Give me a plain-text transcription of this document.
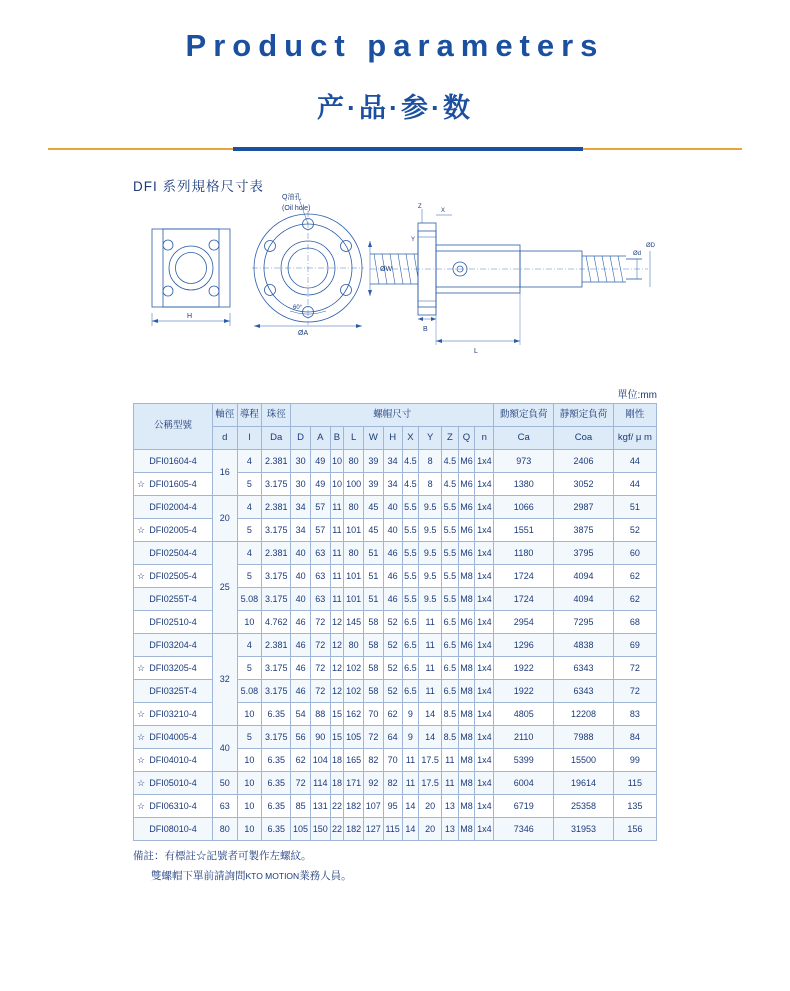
Product parameters
产·品·参·数
DFI 系列規格尺寸表
Q油孔
ØW
ØA
H
B
L
60°
Z
X
Y
Ød
ØD
(Oil hole)
單位:mm
公稱型號	軸徑	導程	珠徑	螺帽尺寸											動額定負荷	靜額定負荷	剛性
	d	l	Da	D	A	B	L	W	H	X	Y	Z	Q	n	Ca	Coa	kgf/ μ m
DFI01604-4	16	4	2.381	30	49	10	80	39	34	4.5	8	4.5	M6	1x4	973	2406	44

☆ DFI01605-4		5	3.175	30	49	10	100	39	34	4.5	8	4.5	M6	1x4	1380	3052	44
DFI02004-4	20	4	2.381	34	57	11	80	45	40	5.5	9.5	5.5	M6	1x4	1066	2987	51

☆ DFI02005-4		5	3.175	34	57	11	101	45	40	5.5	9.5	5.5	M6	1x4	1551	3875	52
DFI02504-4	25	4	2.381	40	63	11	80	51	46	5.5	9.5	5.5	M6	1x4	1180	3795	60

☆ DFI02505-4		5	3.175	40	63	11	101	51	46	5.5	9.5	5.5	M8	1x4	1724	4094	62
DFI0255T-4		5.08	3.175	40	63	11	101	51	46	5.5	9.5	5.5	M8	1x4	1724	4094	62
DFI02510-4		10	4.762	46	72	12	145	58	52	6.5	11	6.5	M6	1x4	2954	7295	68
DFI03204-4	32	4	2.381	46	72	12	80	58	52	6.5	11	6.5	M6	1x4	1296	4838	69

☆ DFI03205-4		5	3.175	46	72	12	102	58	52	6.5	11	6.5	M8	1x4	1922	6343	72
DFI0325T-4		5.08	3.175	46	72	12	102	58	52	6.5	11	6.5	M8	1x4	1922	6343	72

☆ DFI03210-4		10	6.35	54	88	15	162	70	62	9	14	8.5	M8	1x4	4805	12208	83

☆ DFI04005-4	40	5	3.175	56	90	15	105	72	64	9	14	8.5	M8	1x4	2110	7988	84

☆ DFI04010-4		10	6.35	62	104	18	165	82	70	11	17.5	11	M8	1x4	5399	15500	99

☆ DFI05010-4	50	10	6.35	72	114	18	171	92	82	11	17.5	11	M8	1x4	6004	19614	115

☆ DFI06310-4	63	10	6.35	85	131	22	182	107	95	14	20	13	M8	1x4	6719	25358	135
DFI08010-4	80	10	6.35	105	150	22	182	127	115	14	20	13	M8	1x4	7346	31953	156
備註：有標註☆記號者可製作左螺紋。
雙螺帽下單前請詢問KTO MOTION業務人員。
